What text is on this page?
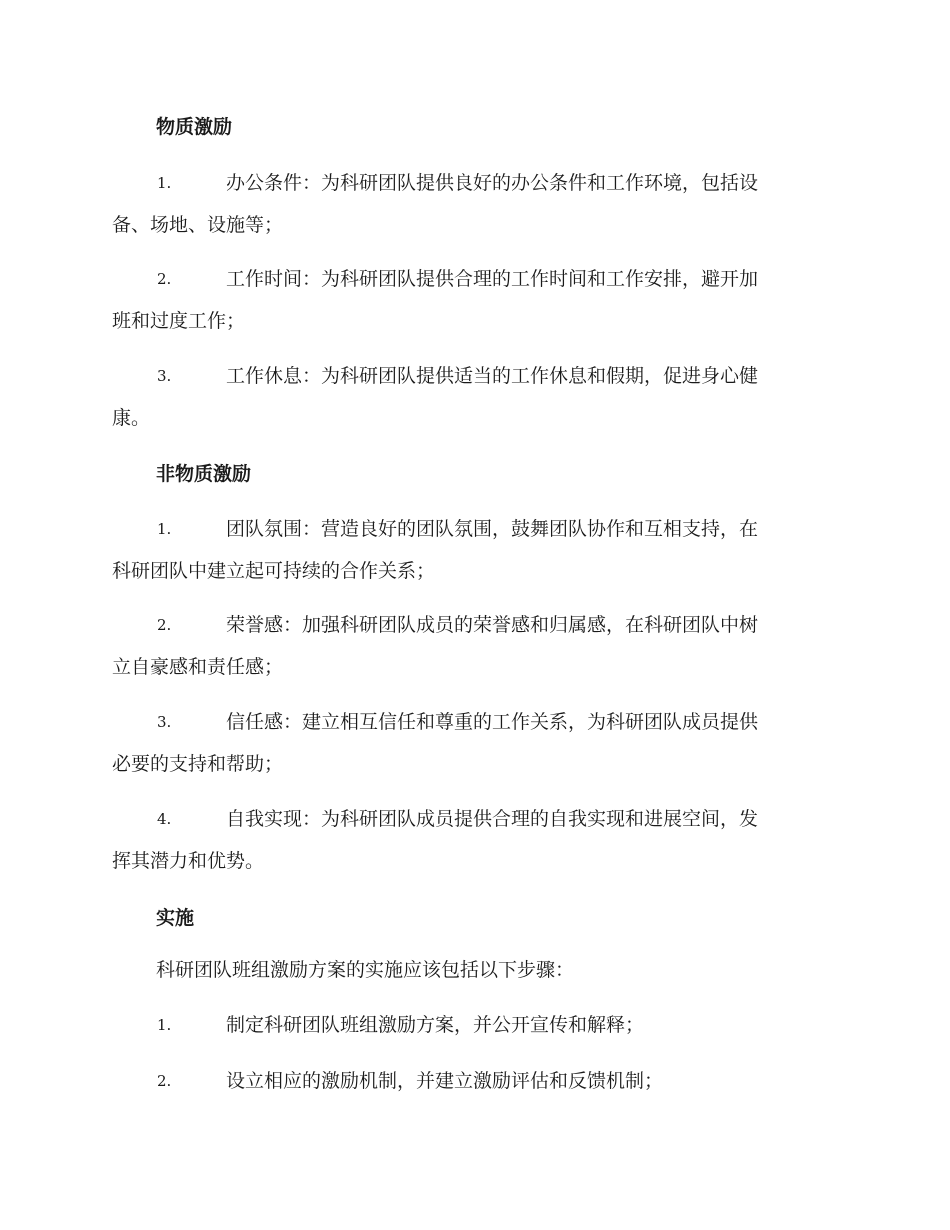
物质激励
1.	办公条件：为科研团队提供良好的办公条件和工作环境，包括设
备、场地、设施等；
2.	工作时间：为科研团队提供合理的工作时间和工作安排，避开加
班和过度工作；
3.	工作休息：为科研团队提供适当的工作休息和假期，促进身心健
康。
非物质激励
1.	团队氛围：营造良好的团队氛围，鼓舞团队协作和互相支持，在
科研团队中建立起可持续的合作关系；
2.	荣誉感：加强科研团队成员的荣誉感和归属感，在科研团队中树
立自豪感和责任感；
3.	信任感：建立相互信任和尊重的工作关系，为科研团队成员提供
必要的支持和帮助；
4.	自我实现：为科研团队成员提供合理的自我实现和进展空间，发
挥其潜力和优势。
实施
科研团队班组激励方案的实施应该包括以下步骤：
1.	制定科研团队班组激励方案，并公开宣传和解释；
2.	设立相应的激励机制，并建立激励评估和反馈机制；
